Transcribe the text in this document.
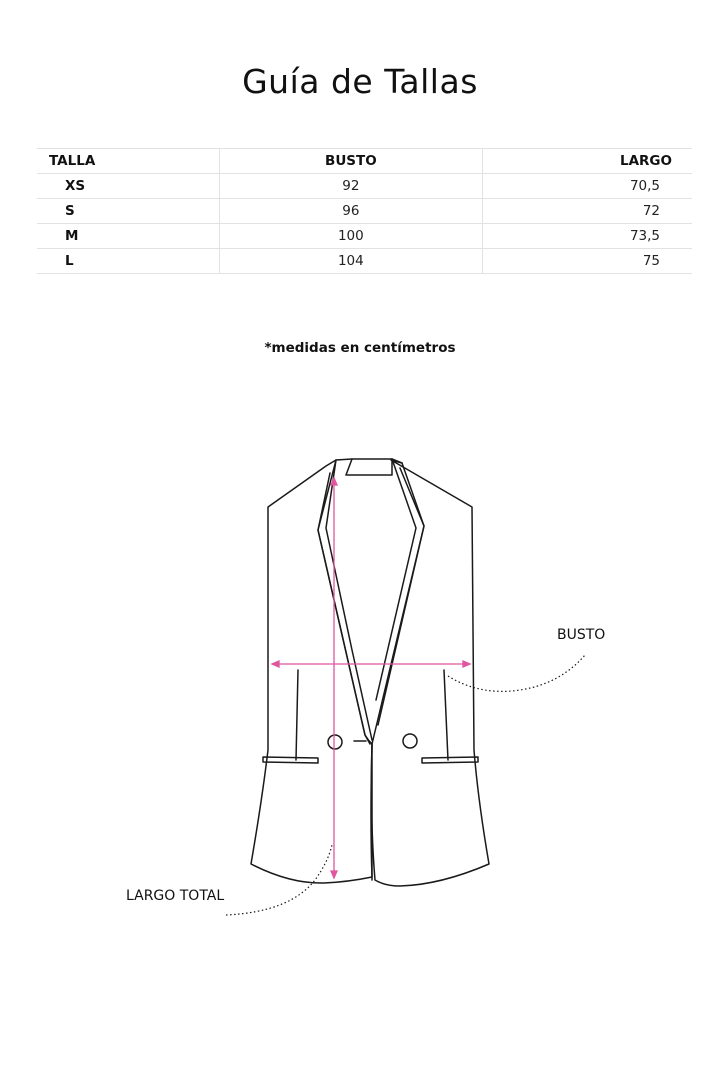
Guía de Tallas
TALLA	BUSTO	LARGO
XS	92	70,5
S	96	72
M	100	73,5
L	104	75
*medidas en centímetros
BUSTO
LARGO TOTAL
